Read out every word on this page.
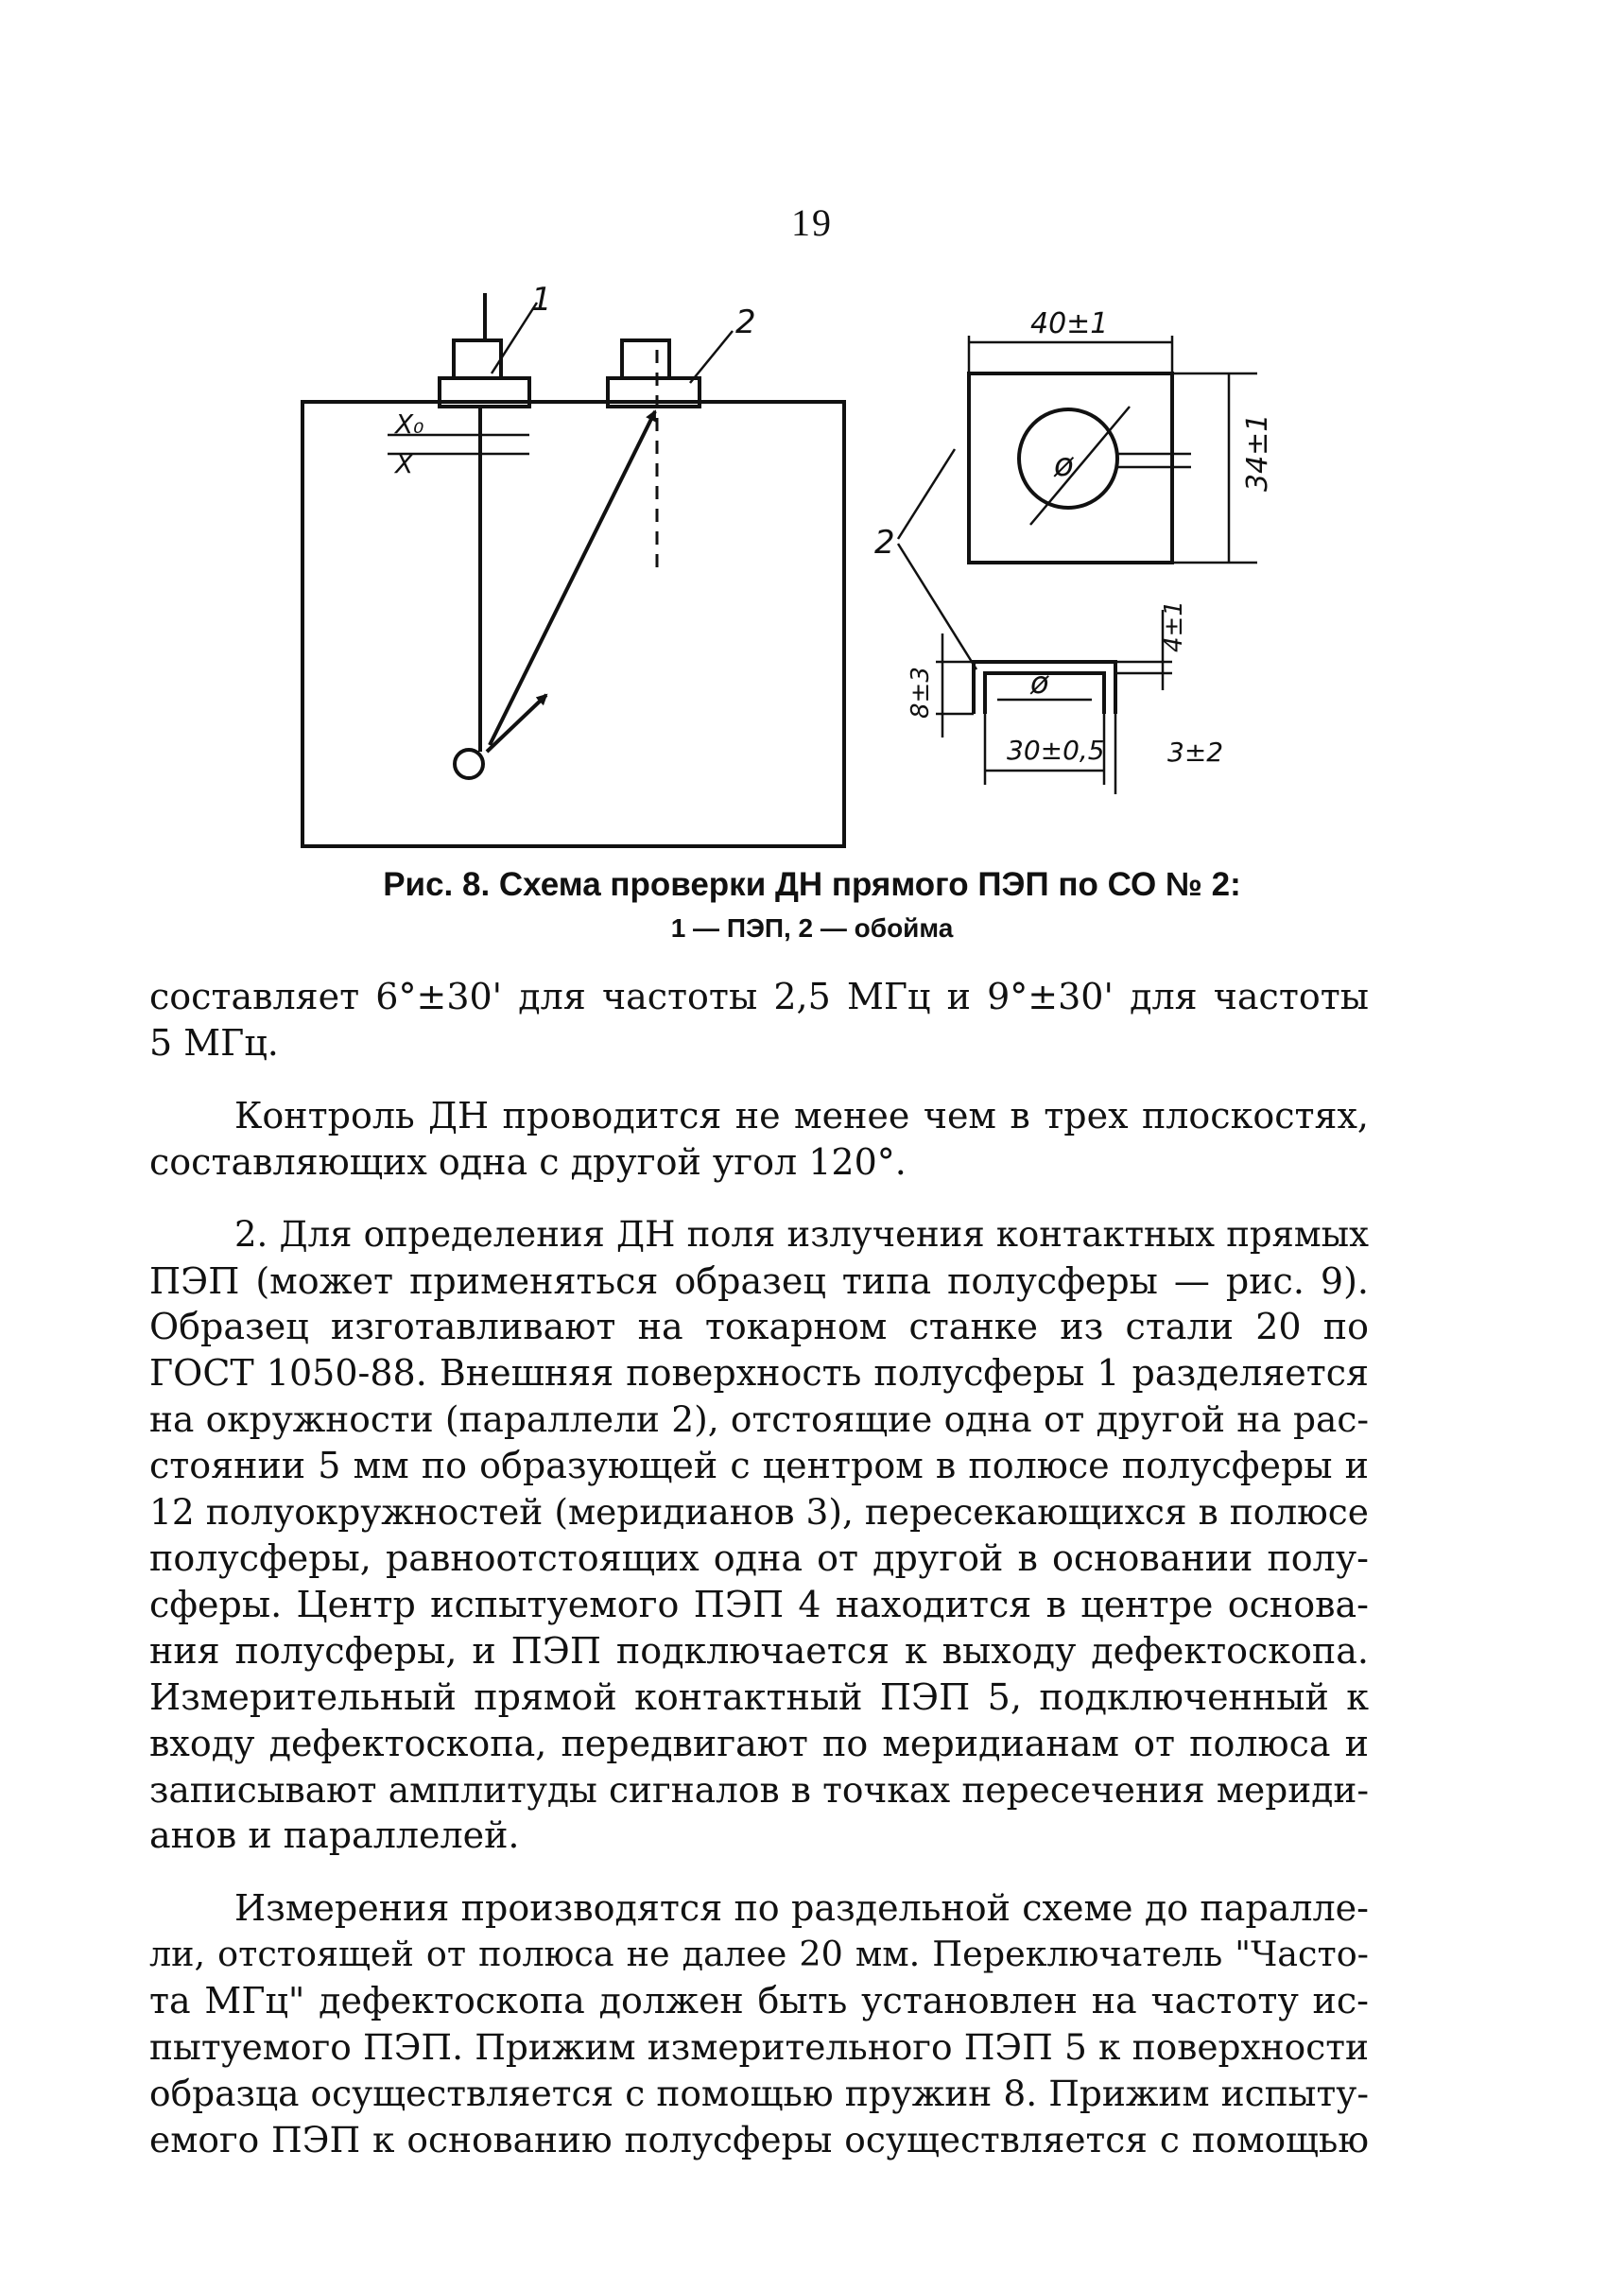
19
1
2
X₀
X
40±1
34±1
ø
2
ø
8±3
4±1
30±0,5 3±2
Рис. 8. Схема проверки ДН прямого ПЭП по СО № 2:
1 — ПЭП, 2 — обойма

составляет 6°±30' для частоты 2,5 МГц и 9°±30' для частоты
5 МГц.

Контроль ДН проводится не менее чем в трех плоскостях,
составляющих одна с другой угол 120°.

2. Для определения ДН поля излучения контактных прямых
ПЭП (может применяться образец типа полусферы — рис. 9).
Образец изготавливают на токарном станке из стали 20 по
ГОСТ 1050-88. Внешняя поверхность полусферы 1 разделяется
на окружности (параллели 2), отстоящие одна от другой на рас-
стоянии 5 мм по образующей с центром в полюсе полусферы и
12 полуокружностей (меридианов 3), пересекающихся в полюсе
полусферы, равноотстоящих одна от другой в основании полу-
сферы. Центр испытуемого ПЭП 4 находится в центре основа-
ния полусферы, и ПЭП подключается к выходу дефектоскопа.
Измерительный прямой контактный ПЭП 5, подключенный к
входу дефектоскопа, передвигают по меридианам от полюса и
записывают амплитуды сигналов в точках пересечения мериди-
анов и параллелей.

Измерения производятся по раздельной схеме до паралле-
ли, отстоящей от полюса не далее 20 мм. Переключатель "Часто-
та МГц" дефектоскопа должен быть установлен на частоту ис-
пытуемого ПЭП. Прижим измерительного ПЭП 5 к поверхности
образца осуществляется с помощью пружин 8. Прижим испыту-
емого ПЭП к основанию полусферы осуществляется с помощью
